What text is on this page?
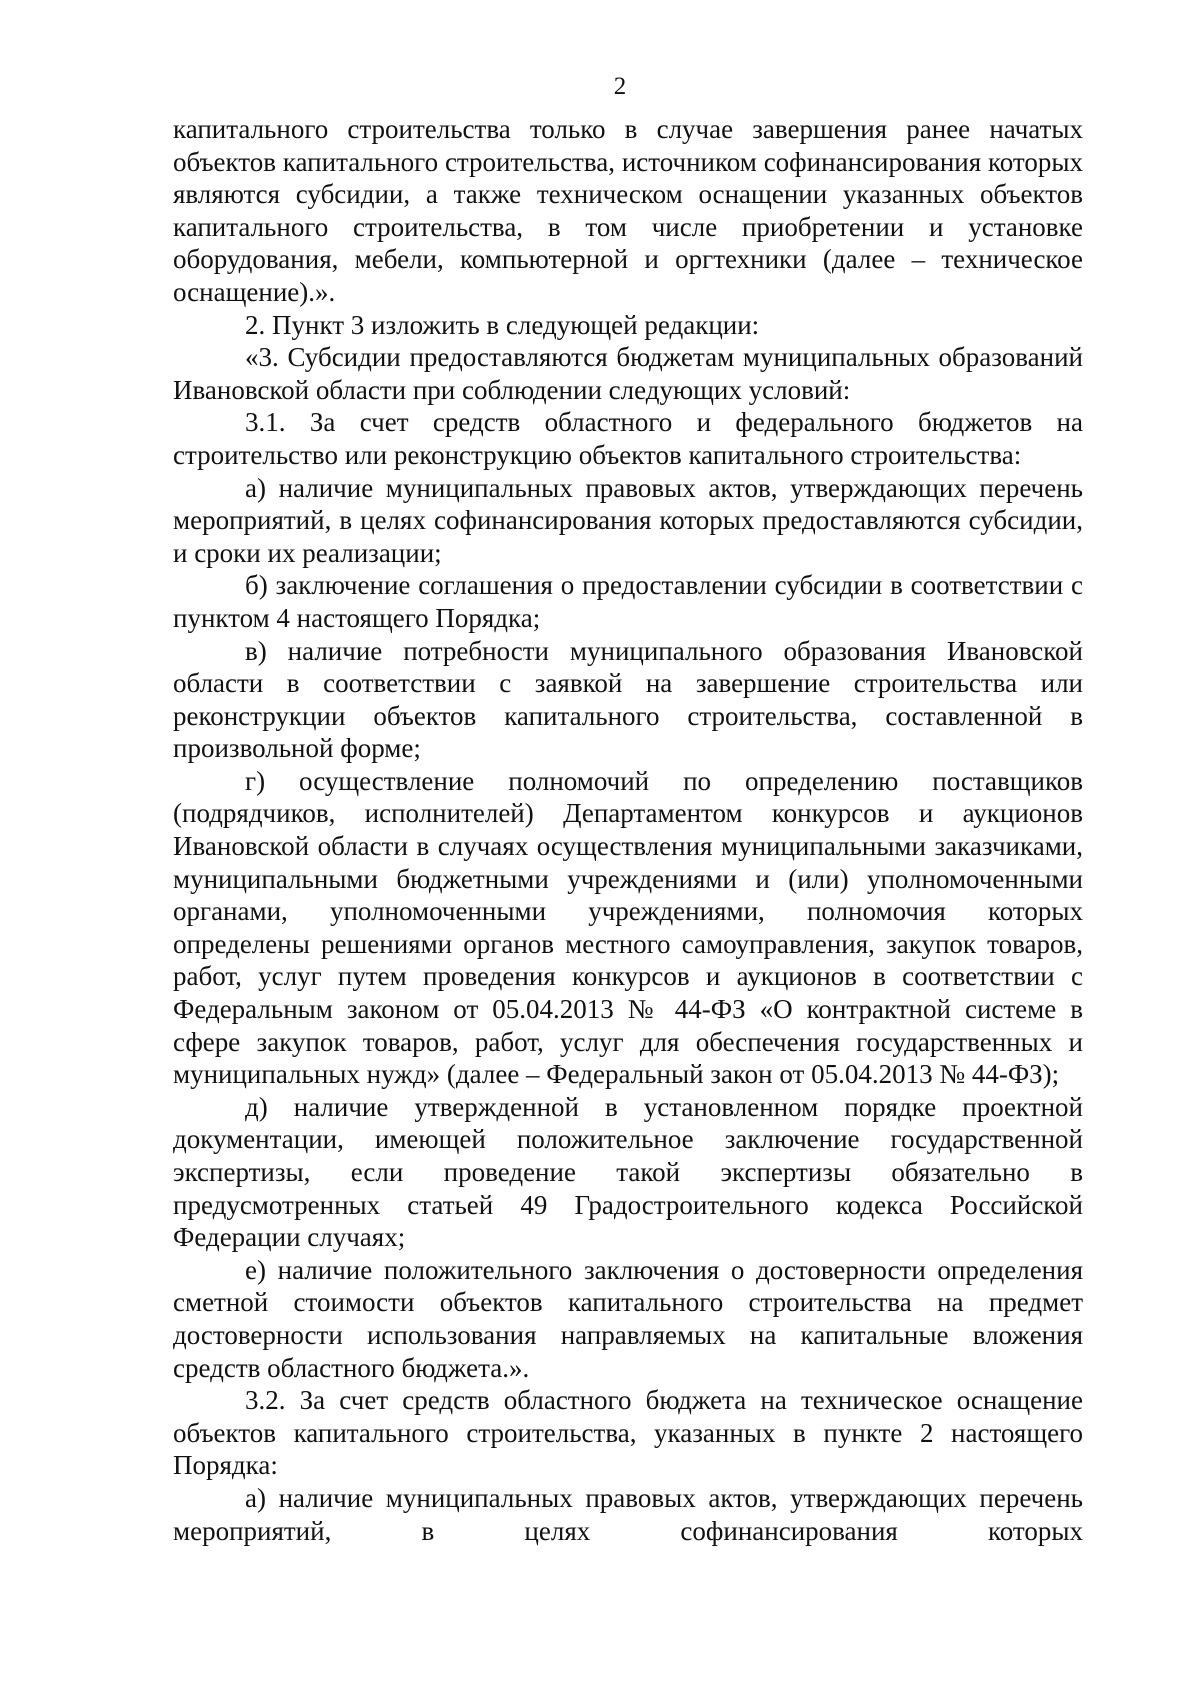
2

капитального строительства только в случае завершения ранее начатых объектов капитального строительства, источником софинансирования которых являются субсидии, а также техническом оснащении указанных объектов капитального строительства, в том числе приобретении и установке оборудования, мебели, компьютерной и оргтехники (далее – техническое оснащение).».

2. Пункт 3 изложить в следующей редакции:

«3. Субсидии предоставляются бюджетам муниципальных образований Ивановской области при соблюдении следующих условий:

3.1. За счет средств областного и федерального бюджетов на строительство или реконструкцию объектов капитального строительства:

а) наличие муниципальных правовых актов, утверждающих перечень мероприятий, в целях софинансирования которых предоставляются субсидии, и сроки их реализации;

б) заключение соглашения о предоставлении субсидии в соответствии с пунктом 4 настоящего Порядка;

в) наличие потребности муниципального образования Ивановской области в соответствии с заявкой на завершение строительства или реконструкции объектов капитального строительства, составленной в произвольной форме;

г) осуществление полномочий по определению поставщиков (подрядчиков, исполнителей) Департаментом конкурсов и аукционов Ивановской области в случаях осуществления муниципальными заказчиками, муниципальными бюджетными учреждениями и (или) уполномоченными органами, уполномоченными учреждениями, полномочия которых определены решениями органов местного самоуправления, закупок товаров, работ, услуг путем проведения конкурсов и аукционов в соответствии с Федеральным законом от 05.04.2013 № 44-ФЗ «О контрактной системе в сфере закупок товаров, работ, услуг для обеспечения государственных и муниципальных нужд» (далее – Федеральный закон от 05.04.2013 № 44-ФЗ);

д) наличие утвержденной в установленном порядке проектной документации, имеющей положительное заключение государственной экспертизы, если проведение такой экспертизы обязательно в предусмотренных статьей 49 Градостроительного кодекса Российской Федерации случаях;

е) наличие положительного заключения о достоверности определения сметной стоимости объектов капитального строительства на предмет достоверности использования направляемых на капитальные вложения средств областного бюджета.».

3.2. За счет средств областного бюджета на техническое оснащение объектов капитального строительства, указанных в пункте 2 настоящего Порядка:

а) наличие муниципальных правовых актов, утверждающих перечень мероприятий, в целях софинансирования которых
